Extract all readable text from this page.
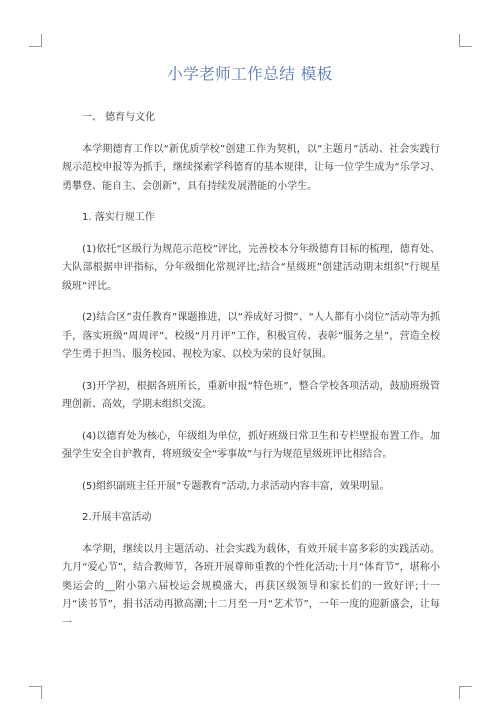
小学老师工作总结 模板

一、 德育与文化

本学期德育工作以“新优质学校”创建工作为契机，以“主题月”活动、社会实践行规示范校申报等为抓手，继续探索学科德育的基本规律，让每一位学生成为“乐学习、勇攀登、能自主、会创新”，具有持续发展潜能的小学生。

1. 落实行规工作

(1)依托“区级行为规范示范校”评比，完善校本分年级德育目标的梳理，德育处、大队部根据申评指标，分年级细化常规评比;结合“星级班”创建活动期末组织”行规星级班”评比。

(2)结合区”责任教育”课题推进，以“养成好习惯”、“人人都有小岗位”活动等为抓手，落实班级“周周评”、校级“月月评”工作，积极宣传、表彰”服务之星”，营造全校学生勇于担当、服务校园、视校为家、以校为荣的良好氛围。

(3)开学初，根据各班所长，重新申报“特色班”，整合学校各项活动，鼓励班级管理创新、高效，学期末组织交流。

(4)以德育处为核心，年级组为单位，抓好班级日常卫生和专栏壁报布置工作。加强学生安全自护教育，将班级安全“零事故”与行为规范星级班评比相结合。

(5)组织副班主任开展”专题教育”活动,力求活动内容丰富，效果明显。

2.开展丰富活动

本学期，继续以月主题活动、社会实践为载体，有效开展丰富多彩的实践活动。九月“爱心节”，结合教师节，各班开展尊师重教的个性化活动;十月“体育节”，堪称小奥运会的__附小第六届校运会规模盛大，再获区级领导和家长们的一致好评;十一月“读书节”，捐书活动再掀高潮;十二月至一月“艺术节”，一年一度的迎新盛会，让每一
